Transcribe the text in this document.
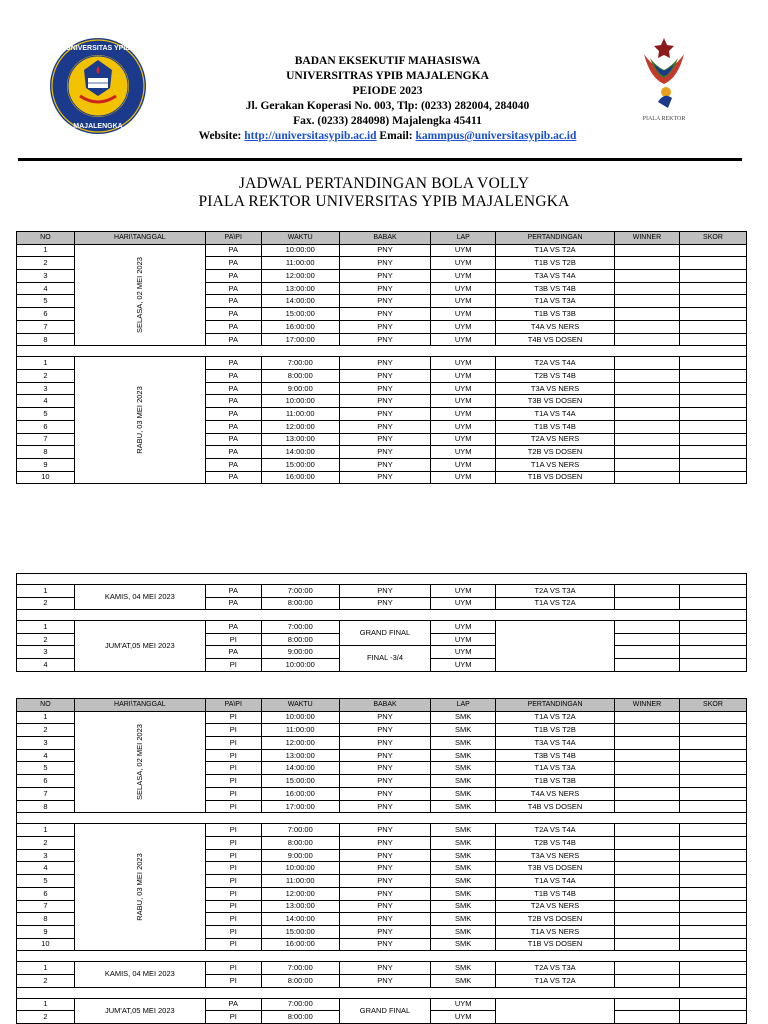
UNIVERSITAS YPIB
MAJALENGKA
PIALA REKTOR
BADAN EKSEKUTIF MAHASISWA
UNIVERSITRAS YPIB MAJALENGKA
PEIODE 2023
Jl. Gerakan Koperasi No. 003, Tlp: (0233) 282004, 284040
Fax. (0233) 284098) Majalengka 45411
Website: http://universitasypib.ac.id Email: kammpus@universitasypib.ac.id
JADWAL PERTANDINGAN BOLA VOLLY
PIALA REKTOR UNIVERSITAS YPIB MAJALENGKA
NO	HARI\TANGGAL	PA\PI	WAKTU	BABAK	LAP	PERTANDINGAN	WINNER	SKOR
1	SELASA, 02 MEI 2023	PA	10:00:00	PNY	UYM	T1A VS T2A		
2		PA	11:00:00	PNY	UYM	T1B VS T2B		
3		PA	12:00:00	PNY	UYM	T3A VS T4A		
4		PA	13:00:00	PNY	UYM	T3B VS T4B		
5		PA	14:00:00	PNY	UYM	T1A VS T3A		
6		PA	15:00:00	PNY	UYM	T1B VS T3B		
7		PA	16:00:00	PNY	UYM	T4A VS NERS		
8		PA	17:00:00	PNY	UYM	T4B VS DOSEN		

1	RABU, 03 MEI 2023	PA	7:00:00	PNY	UYM	T2A VS T4A		
2		PA	8:00:00	PNY	UYM	T2B VS T4B		
3		PA	9:00:00	PNY	UYM	T3A VS NERS		
4		PA	10:00:00	PNY	UYM	T3B VS DOSEN		
5		PA	11:00:00	PNY	UYM	T1A VS T4A		
6		PA	12:00:00	PNY	UYM	T1B VS T4B		
7		PA	13:00:00	PNY	UYM	T2A VS NERS		
8		PA	14:00:00	PNY	UYM	T2B VS DOSEN		
9		PA	15:00:00	PNY	UYM	T1A VS NERS		
10		PA	16:00:00	PNY	UYM	T1B VS DOSEN		

1	KAMIS, 04 MEI 2023	PA	7:00:00	PNY	UYM	T2A VS T3A		
2		PA	8:00:00	PNY	UYM	T1A VS T2A		

1	JUM'AT,05 MEI 2023	PA	7:00:00	GRAND FINAL	UYM			
2		PI	8:00:00		UYM			
3		PA	9:00:00	FINAL -3/4	UYM			
4		PI	10:00:00		UYM			
NO	HARI\TANGGAL	PA\PI	WAKTU	BABAK	LAP	PERTANDINGAN	WINNER	SKOR
1	SELASA, 02 MEI 2023	PI	10:00:00	PNY	SMK	T1A VS T2A		
2		PI	11:00:00	PNY	SMK	T1B VS T2B		
3		PI	12:00:00	PNY	SMK	T3A VS T4A		
4		PI	13:00:00	PNY	SMK	T3B VS T4B		
5		PI	14:00:00	PNY	SMK	T1A VS T3A		
6		PI	15:00:00	PNY	SMK	T1B VS T3B		
7		PI	16:00:00	PNY	SMK	T4A VS NERS		
8		PI	17:00:00	PNY	SMK	T4B VS DOSEN		

1	RABU, 03 MEI 2023	PI	7:00:00	PNY	SMK	T2A VS T4A		
2		PI	8:00:00	PNY	SMK	T2B VS T4B		
3		PI	9:00:00	PNY	SMK	T3A VS NERS		
4		PI	10:00:00	PNY	SMK	T3B VS DOSEN		
5		PI	11:00:00	PNY	SMK	T1A VS T4A		
6		PI	12:00:00	PNY	SMK	T1B VS T4B		
7		PI	13:00:00	PNY	SMK	T2A VS NERS		
8		PI	14:00:00	PNY	SMK	T2B VS DOSEN		
9		PI	15:00:00	PNY	SMK	T1A VS NERS		
10		PI	16:00:00	PNY	SMK	T1B VS DOSEN		

1	KAMIS, 04 MEI 2023	PI	7:00:00	PNY	SMK	T2A VS T3A		
2		PI	8:00:00	PNY	SMK	T1A VS T2A		

1	JUM'AT,05 MEI 2023	PA	7:00:00	GRAND FINAL	UYM			
2		PI	8:00:00		UYM			
